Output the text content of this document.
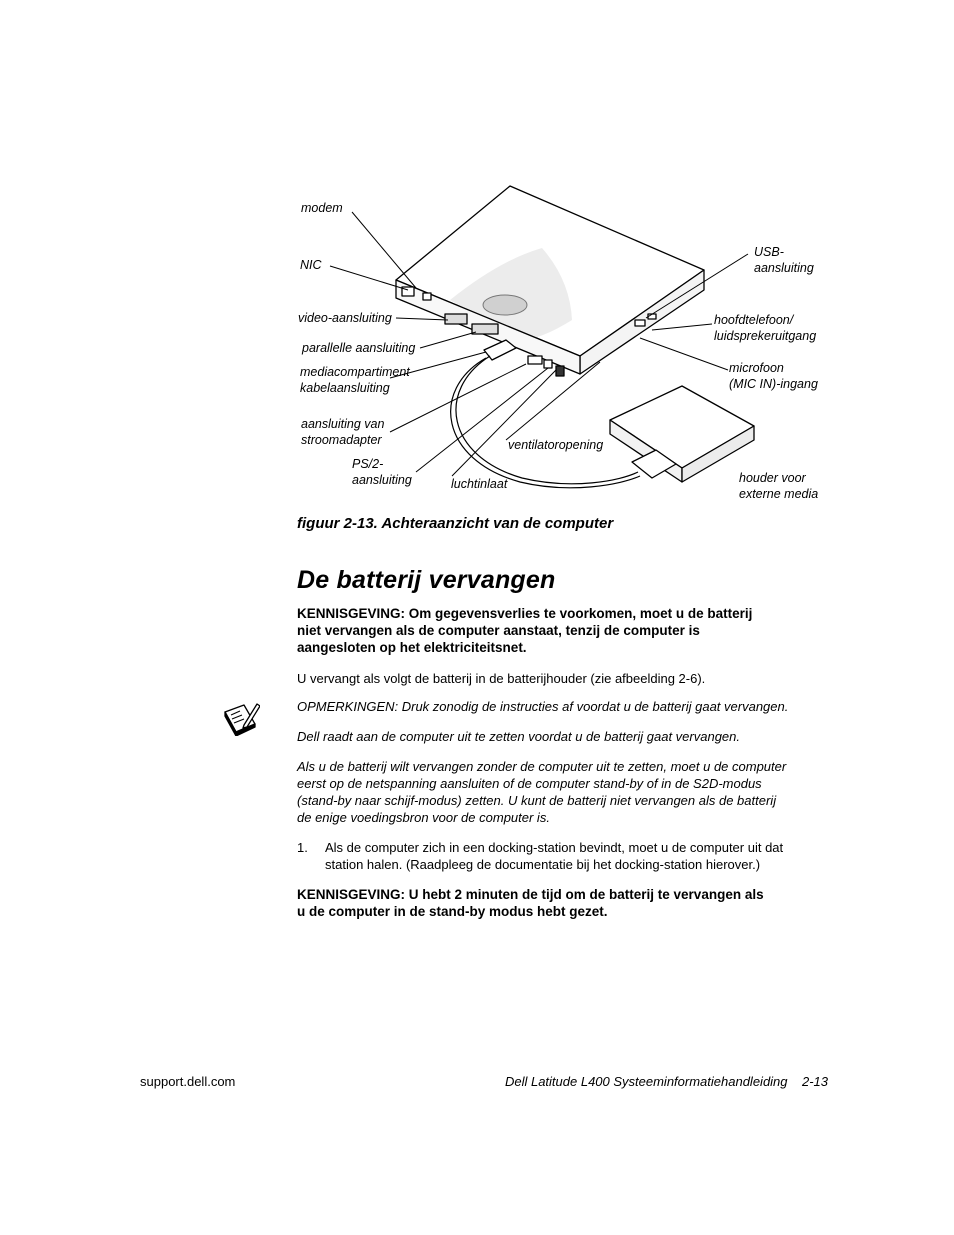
modem
NIC
video-aansluiting
parallelle aansluiting
mediacompartiment
kabelaansluiting
aansluiting van
stroomadapter
PS/2-
aansluiting	luchtinlaat
ventilatoropening
USB-
aansluiting
hoofdtelefoon/
luidsprekeruitgang
microfoon
(MIC IN)-ingang
houder voor
externe media
figuur 2-13. Achteraanzicht van de computer
De batterij vervangen
KENNISGEVING: Om gegevensverlies te voorkomen, moet u de batterij
niet vervangen als de computer aanstaat, tenzij de computer is
aangesloten op het elektriciteitsnet.
U vervangt als volgt de batterij in de batterijhouder (zie afbeelding 2-6).
OPMERKINGEN: Druk zonodig de instructies af voordat u de batterij gaat vervangen.
Dell raadt aan de computer uit te zetten voordat u de batterij gaat vervangen.
Als u de batterij wilt vervangen zonder de computer uit te zetten, moet u de computer
eerst op de netspanning aansluiten of de computer stand-by of in de S2D-modus
(stand-by naar schijf-modus) zetten. U kunt de batterij niet vervangen als de batterij
de enige voedingsbron voor de computer is.
1. Als de computer zich in een docking-station bevindt, moet u de computer uit dat
station halen. (Raadpleeg de documentatie bij het docking-station hierover.)
KENNISGEVING: U hebt 2 minuten de tijd om de batterij te vervangen als
u de computer in de stand-by modus hebt gezet.
support.dell.com	Dell Latitude L400 Systeeminformatiehandleiding    2-13
